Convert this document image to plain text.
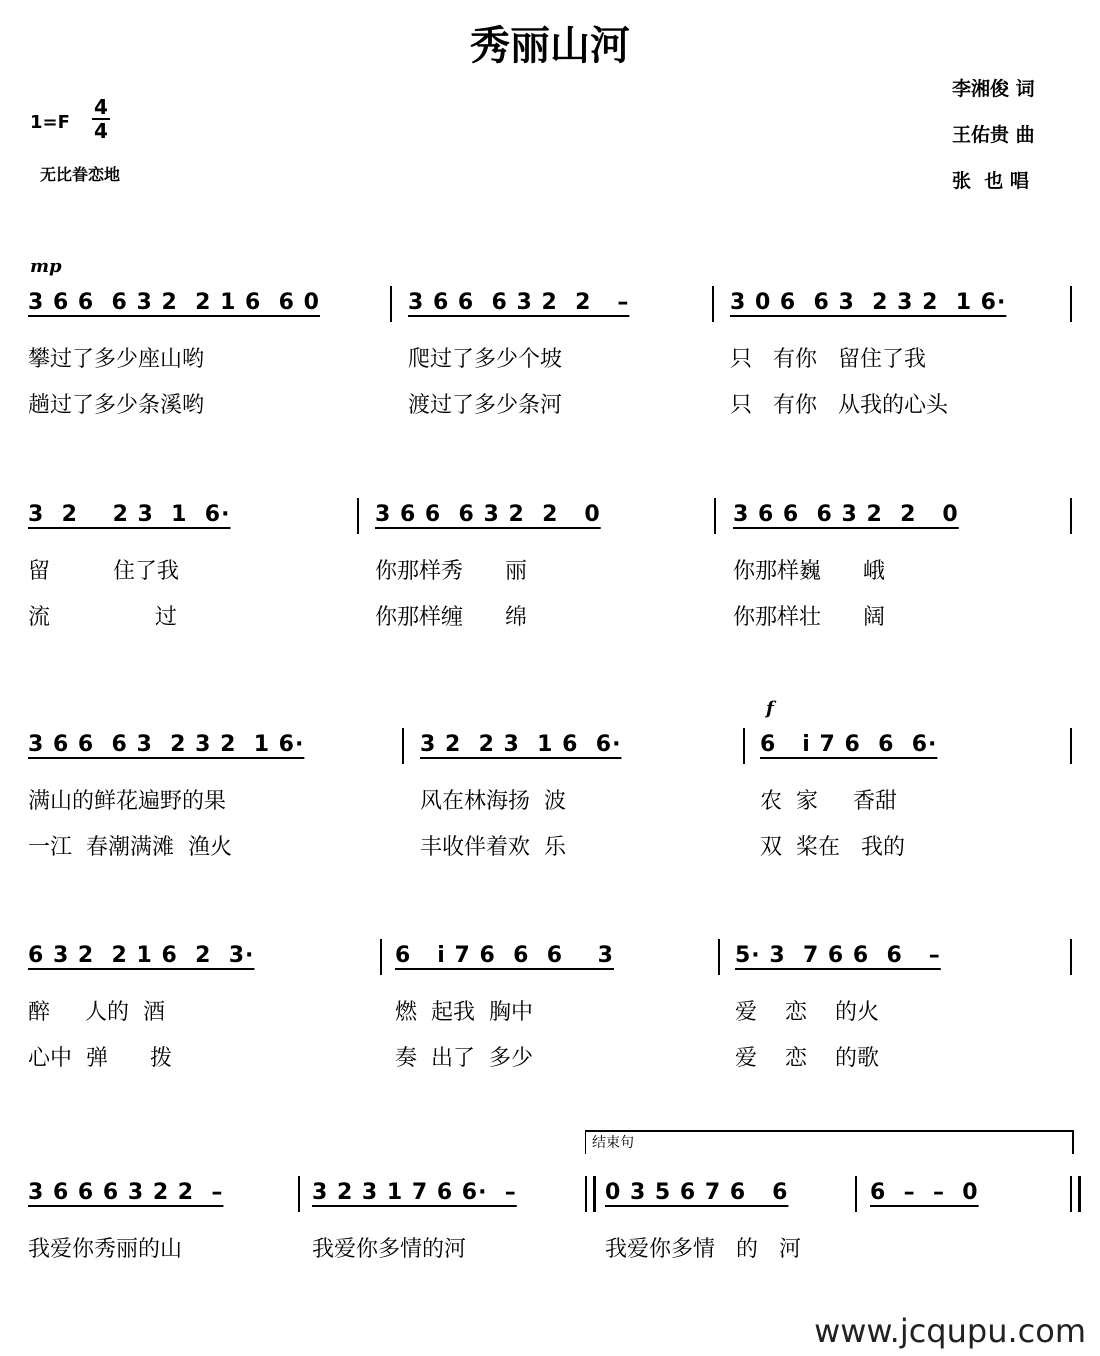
秀丽山河
1=F
4
4
无比眷恋地
李湘俊 词
王佑贵 曲
张  也 唱
mp
f
结束句
www.jcqupu.com
3 6 6  6 3 2  2 1 6  6 0
攀过了多少座山哟
趟过了多少条溪哟
3 6 6  6 3 2  2   –
爬过了多少个坡
渡过了多少条河
3 0 6  6 3  2 3 2  1 6·
只   有你   留住了我
只   有你   从我的心头
3  2    2 3  1  6·
留         住了我
流               过
3 6 6  6 3 2  2   0
你那样秀      丽
你那样缠      绵
3 6 6  6 3 2  2   0
你那样巍      峨
你那样壮      阔
3 6 6  6 3  2 3 2  1 6·
满山的鲜花遍野的果
一江  春潮满滩  渔火
3 2  2 3  1 6  6·
风在林海扬  波
丰收伴着欢  乐
6   i 7 6  6  6·
农  家     香甜
双  桨在   我的
6 3 2  2 1 6  2  3·
醉     人的  酒
心中  弹      拨
6   i 7 6  6  6    3
燃  起我  胸中
奏  出了  多少
5· 3  7 6 6  6   –
爱    恋    的火
爱    恋    的歌
3 6 6 6 3 2 2  –
我爱你秀丽的山
3 2 3 1 7 6 6·  –
我爱你多情的河
0 3 5 6 7 6   6
我爱你多情   的   河
6  –  –  0
